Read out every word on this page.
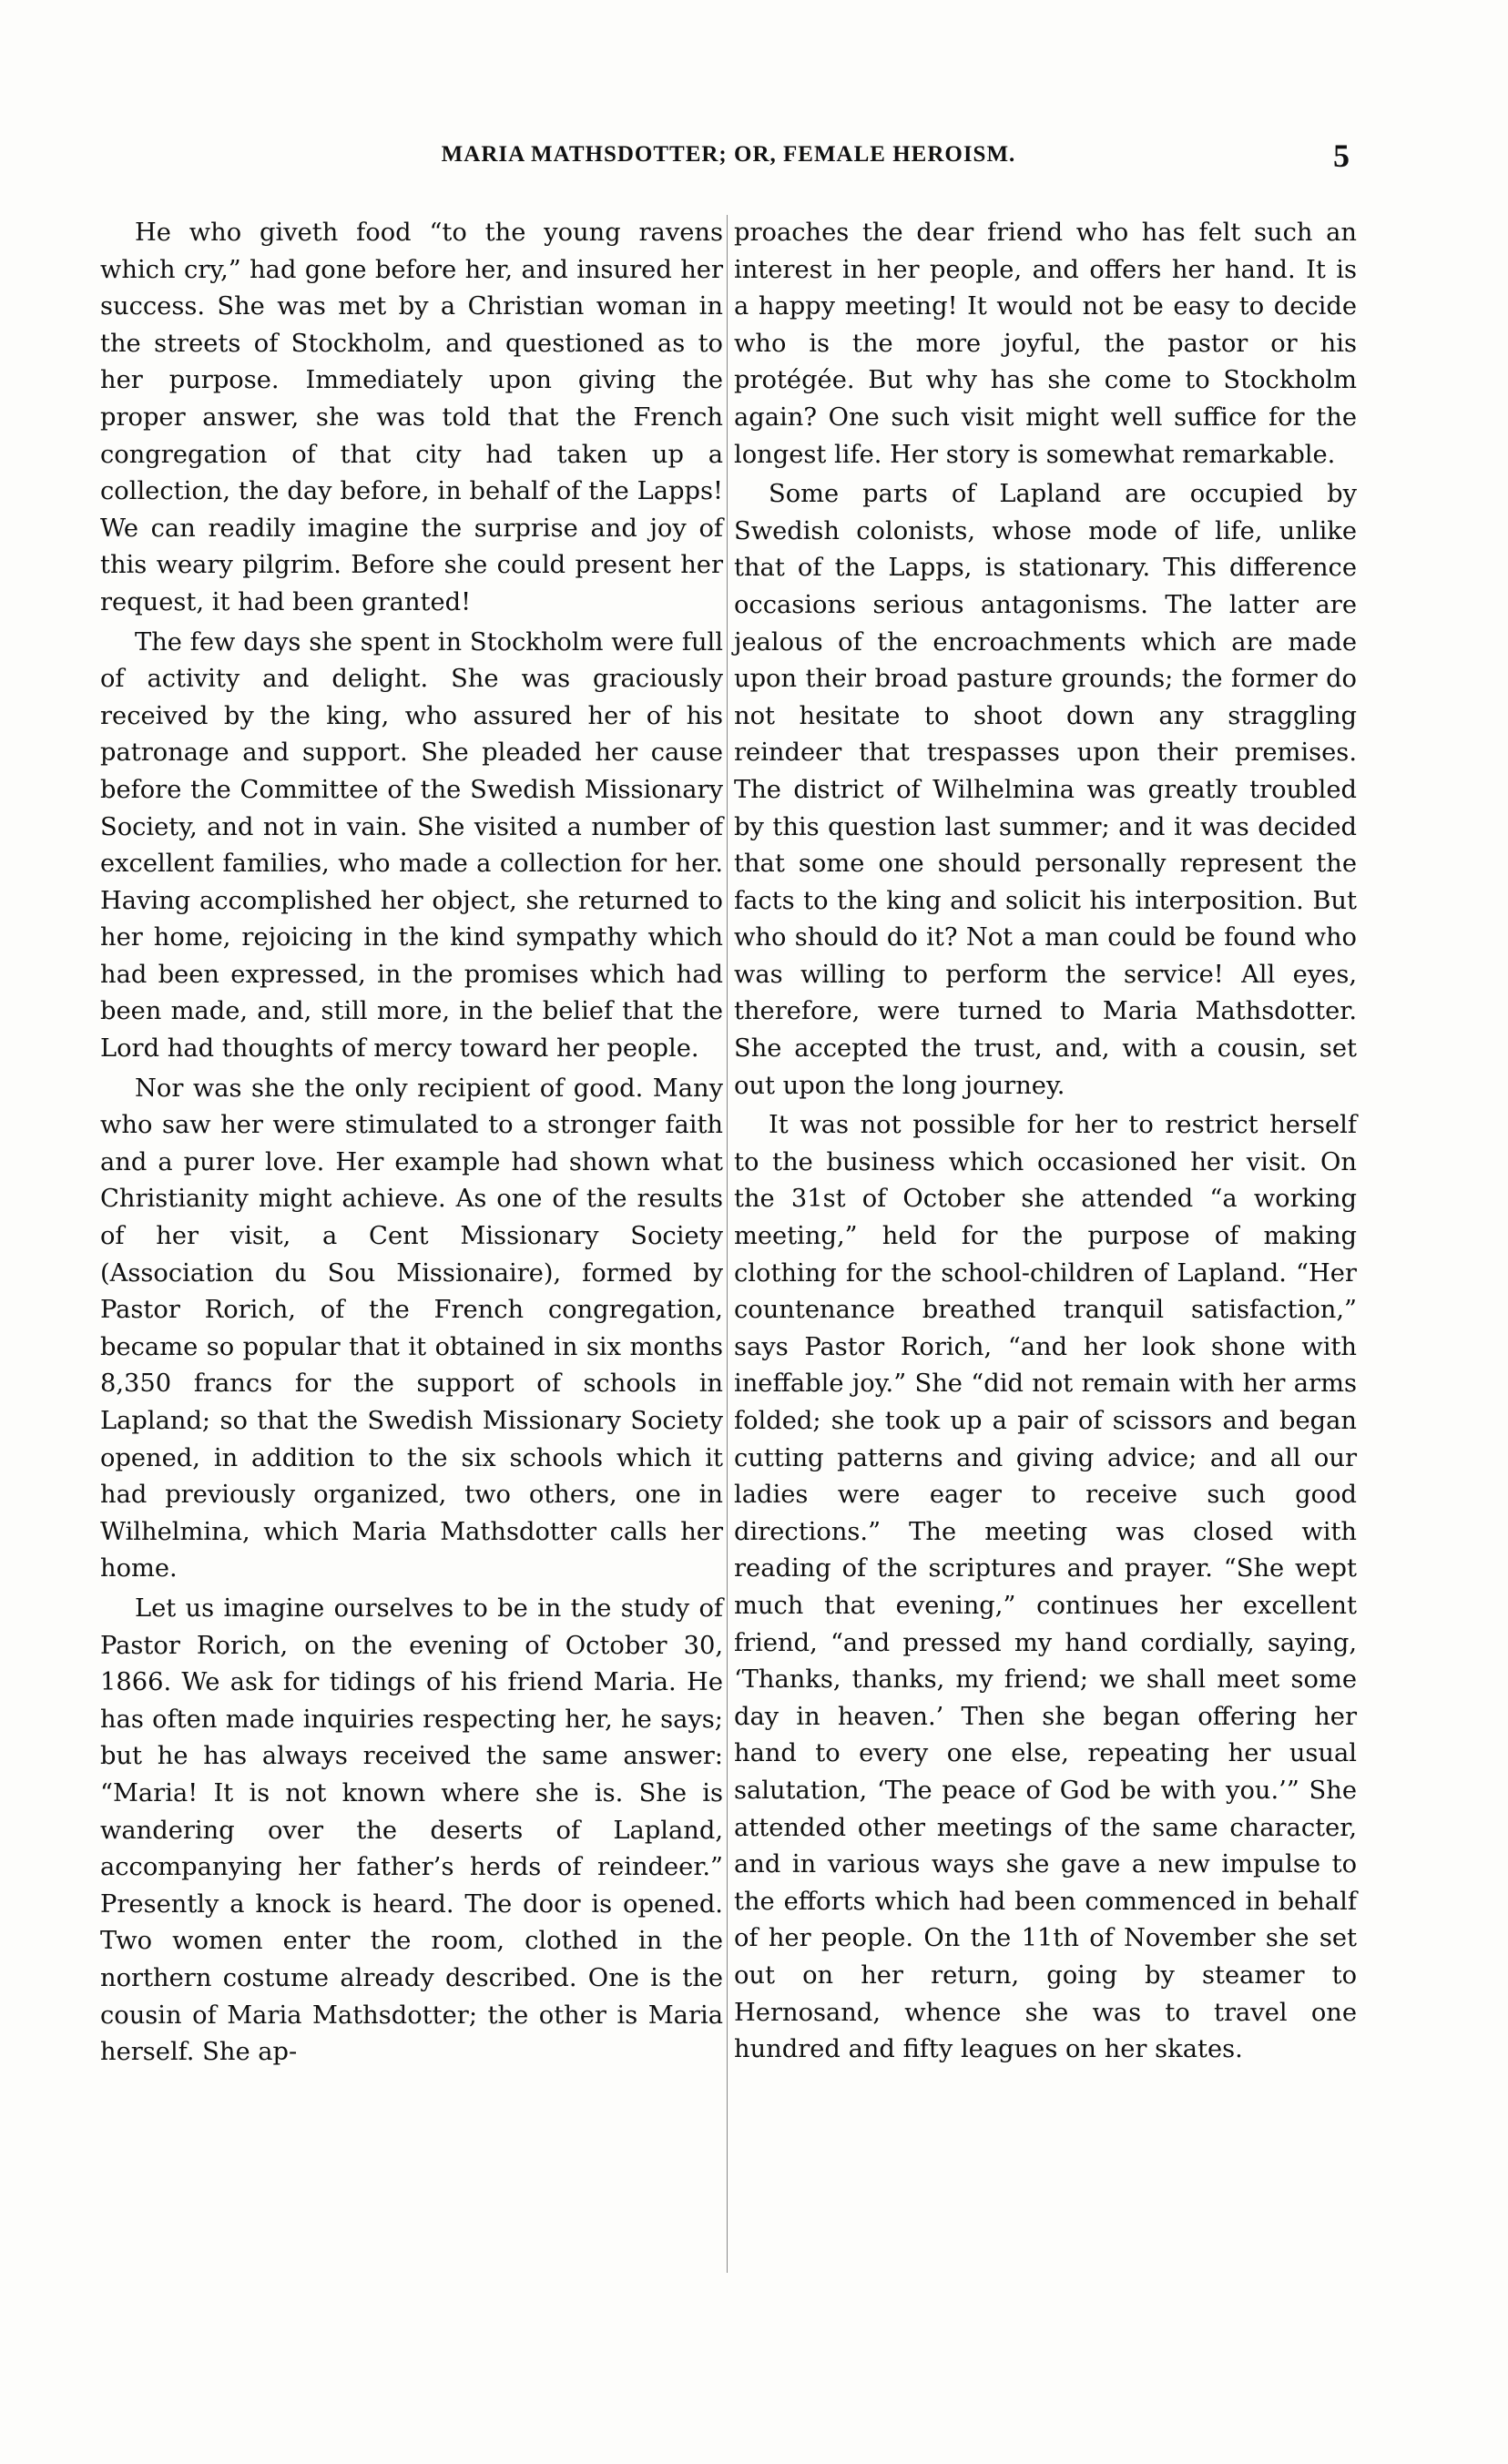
MARIA MATHSDOTTER; OR, FEMALE HEROISM.	5

He who giveth food “to the young ravens which cry,” had gone before her, and insured her success. She was met by a Christian woman in the streets of Stockholm, and questioned as to her purpose. Immediately upon giving the proper answer, she was told that the French congregation of that city had taken up a collection, the day before, in behalf of the Lapps! We can readily imagine the surprise and joy of this weary pilgrim. Before she could present her request, it had been granted!

The few days she spent in Stockholm were full of activity and delight. She was graciously received by the king, who assured her of his patronage and support. She pleaded her cause before the Committee of the Swedish Missionary Society, and not in vain. She visited a number of excellent families, who made a collection for her. Having accomplished her object, she returned to her home, rejoicing in the kind sympathy which had been expressed, in the promises which had been made, and, still more, in the belief that the Lord had thoughts of mercy toward her people.

Nor was she the only recipient of good. Many who saw her were stimulated to a stronger faith and a purer love. Her example had shown what Christianity might achieve. As one of the results of her visit, a Cent Missionary Society (Association du Sou Missionaire), formed by Pastor Rorich, of the French congregation, became so popular that it obtained in six months 8,350 francs for the support of schools in Lapland; so that the Swedish Missionary Society opened, in addition to the six schools which it had previously organized, two others, one in Wilhelmina, which Maria Mathsdotter calls her home.

Let us imagine ourselves to be in the study of Pastor Rorich, on the evening of October 30, 1866. We ask for tidings of his friend Maria. He has often made inquiries respecting her, he says; but he has always received the same answer: “Maria! It is not known where she is. She is wandering over the deserts of Lapland, accompanying her father’s herds of reindeer.” Presently a knock is heard. The door is opened. Two women enter the room, clothed in the northern costume already described. One is the cousin of Maria Mathsdotter; the other is Maria herself. She ap-

proaches the dear friend who has felt such an interest in her people, and offers her hand. It is a happy meeting! It would not be easy to decide who is the more joyful, the pastor or his protégée. But why has she come to Stockholm again? One such visit might well suffice for the longest life. Her story is somewhat remarkable.

Some parts of Lapland are occupied by Swedish colonists, whose mode of life, unlike that of the Lapps, is stationary. This difference occasions serious antagonisms. The latter are jealous of the encroachments which are made upon their broad pasture grounds; the former do not hesitate to shoot down any straggling reindeer that trespasses upon their premises. The district of Wilhelmina was greatly troubled by this question last summer; and it was decided that some one should personally represent the facts to the king and solicit his interposition. But who should do it? Not a man could be found who was willing to perform the service! All eyes, therefore, were turned to Maria Mathsdotter. She accepted the trust, and, with a cousin, set out upon the long journey.

It was not possible for her to restrict herself to the business which occasioned her visit. On the 31st of October she attended “a working meeting,” held for the purpose of making clothing for the school-children of Lapland. “Her countenance breathed tranquil satisfaction,” says Pastor Rorich, “and her look shone with ineffable joy.” She “did not remain with her arms folded; she took up a pair of scissors and began cutting patterns and giving advice; and all our ladies were eager to receive such good directions.” The meeting was closed with reading of the scriptures and prayer. “She wept much that evening,” continues her excellent friend, “and pressed my hand cordially, saying, ‘Thanks, thanks, my friend; we shall meet some day in heaven.’ Then she began offering her hand to every one else, repeating her usual salutation, ‘The peace of God be with you.’” She attended other meetings of the same character, and in various ways she gave a new impulse to the efforts which had been commenced in behalf of her people. On the 11th of November she set out on her return, going by steamer to Hernosand, whence she was to travel one hundred and fifty leagues on her skates.
